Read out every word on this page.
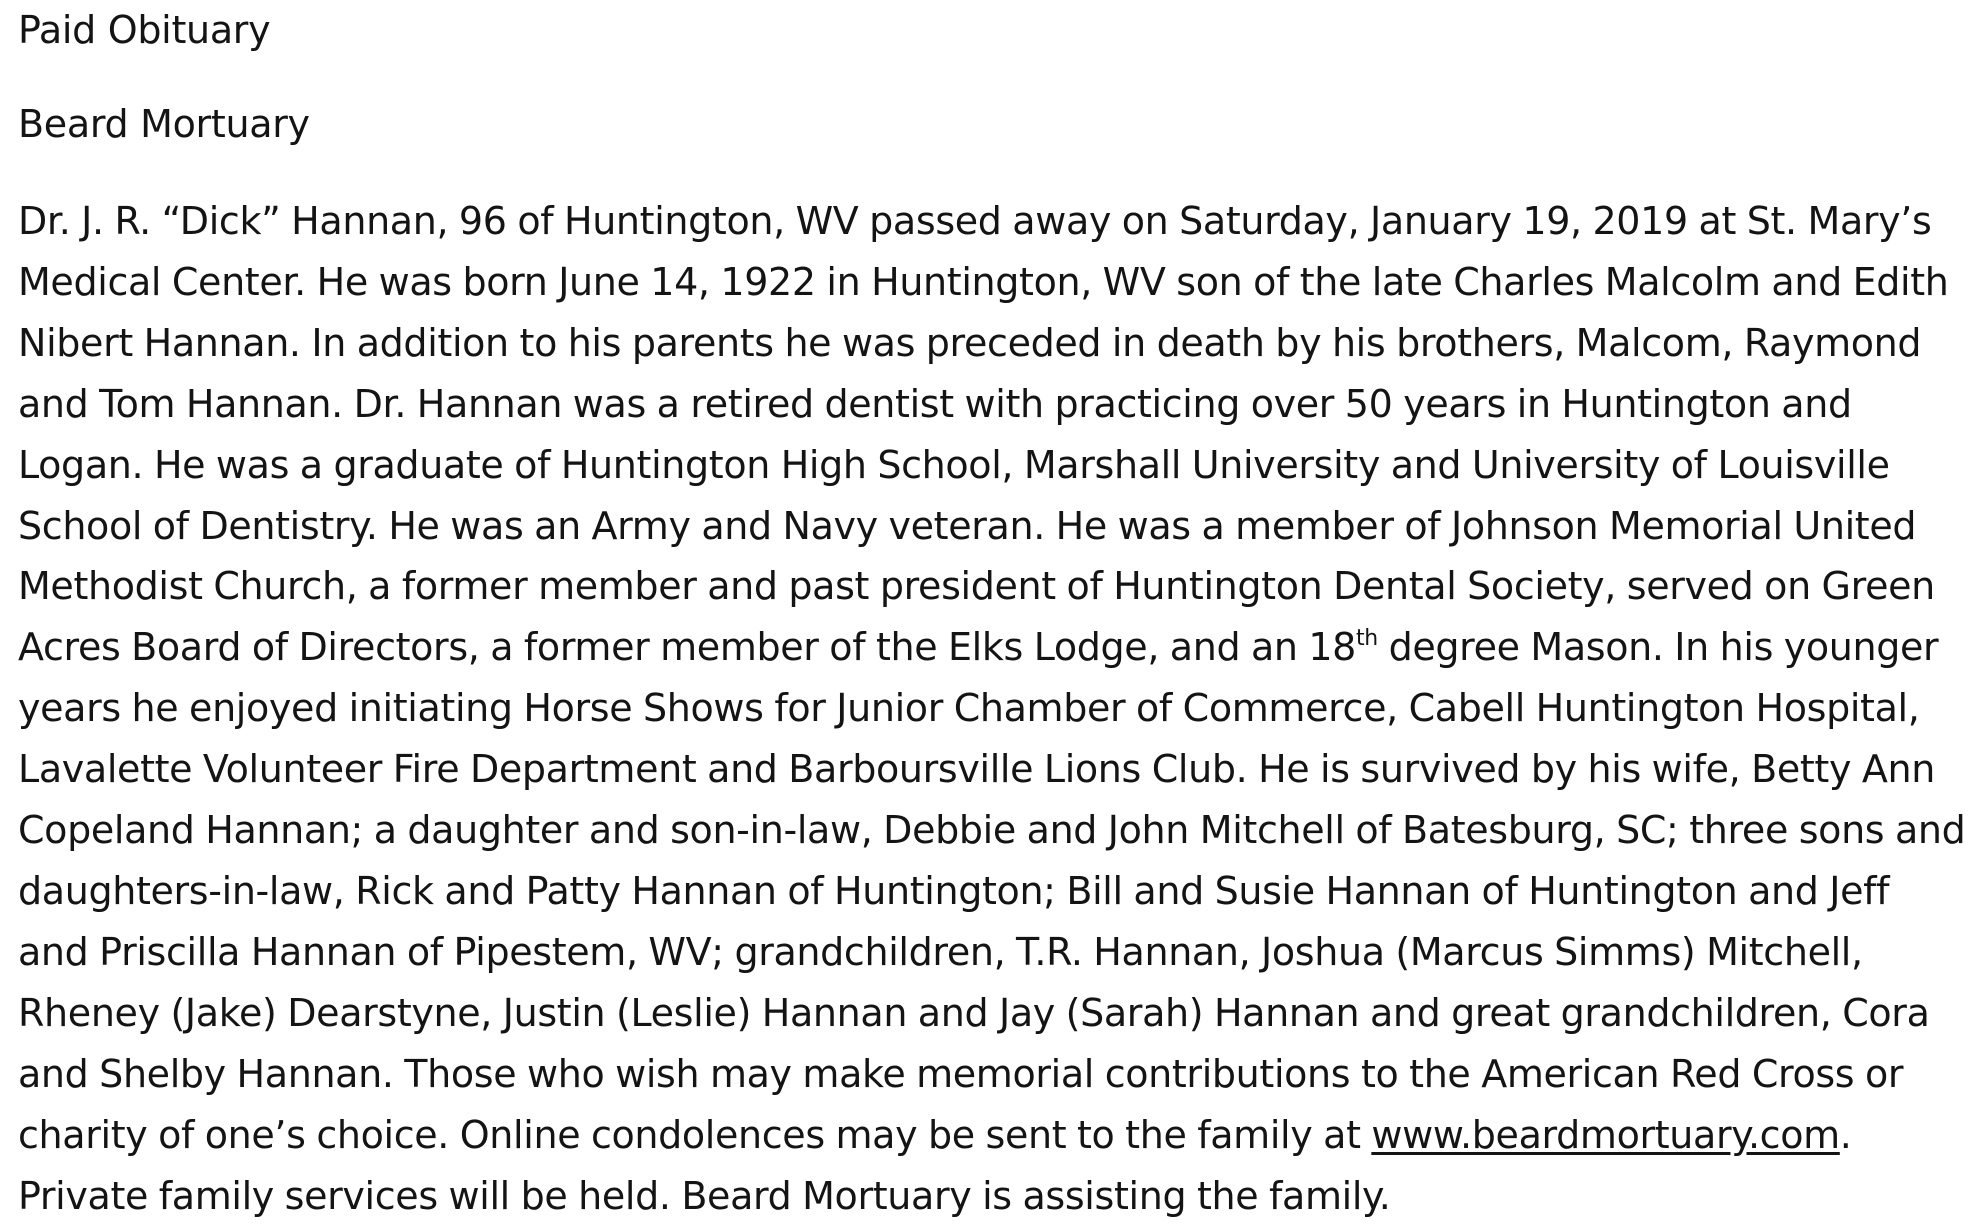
Paid Obituary
Beard Mortuary

Dr. J. R. “Dick” Hannan, 96 of Huntington, WV passed away on Saturday, January 19, 2019 at St. Mary’s
Medical Center. He was born June 14, 1922 in Huntington, WV son of the late Charles Malcolm and Edith
Nibert Hannan. In addition to his parents he was preceded in death by his brothers, Malcom, Raymond
and Tom Hannan. Dr. Hannan was a retired dentist with practicing over 50 years in Huntington and
Logan. He was a graduate of Huntington High School, Marshall University and University of Louisville
School of Dentistry. He was an Army and Navy veteran. He was a member of Johnson Memorial United
Methodist Church, a former member and past president of Huntington Dental Society, served on Green
Acres Board of Directors, a former member of the Elks Lodge, and an 18th degree Mason. In his younger
years he enjoyed initiating Horse Shows for Junior Chamber of Commerce, Cabell Huntington Hospital,
Lavalette Volunteer Fire Department and Barboursville Lions Club. He is survived by his wife, Betty Ann
Copeland Hannan; a daughter and son-in-law, Debbie and John Mitchell of Batesburg, SC; three sons and
daughters-in-law, Rick and Patty Hannan of Huntington; Bill and Susie Hannan of Huntington and Jeff
and Priscilla Hannan of Pipestem, WV; grandchildren, T.R. Hannan, Joshua (Marcus Simms) Mitchell,
Rheney (Jake) Dearstyne, Justin (Leslie) Hannan and Jay (Sarah) Hannan and great grandchildren, Cora
and Shelby Hannan. Those who wish may make memorial contributions to the American Red Cross or
charity of one’s choice. Online condolences may be sent to the family at www.beardmortuary.com.
Private family services will be held. Beard Mortuary is assisting the family.
